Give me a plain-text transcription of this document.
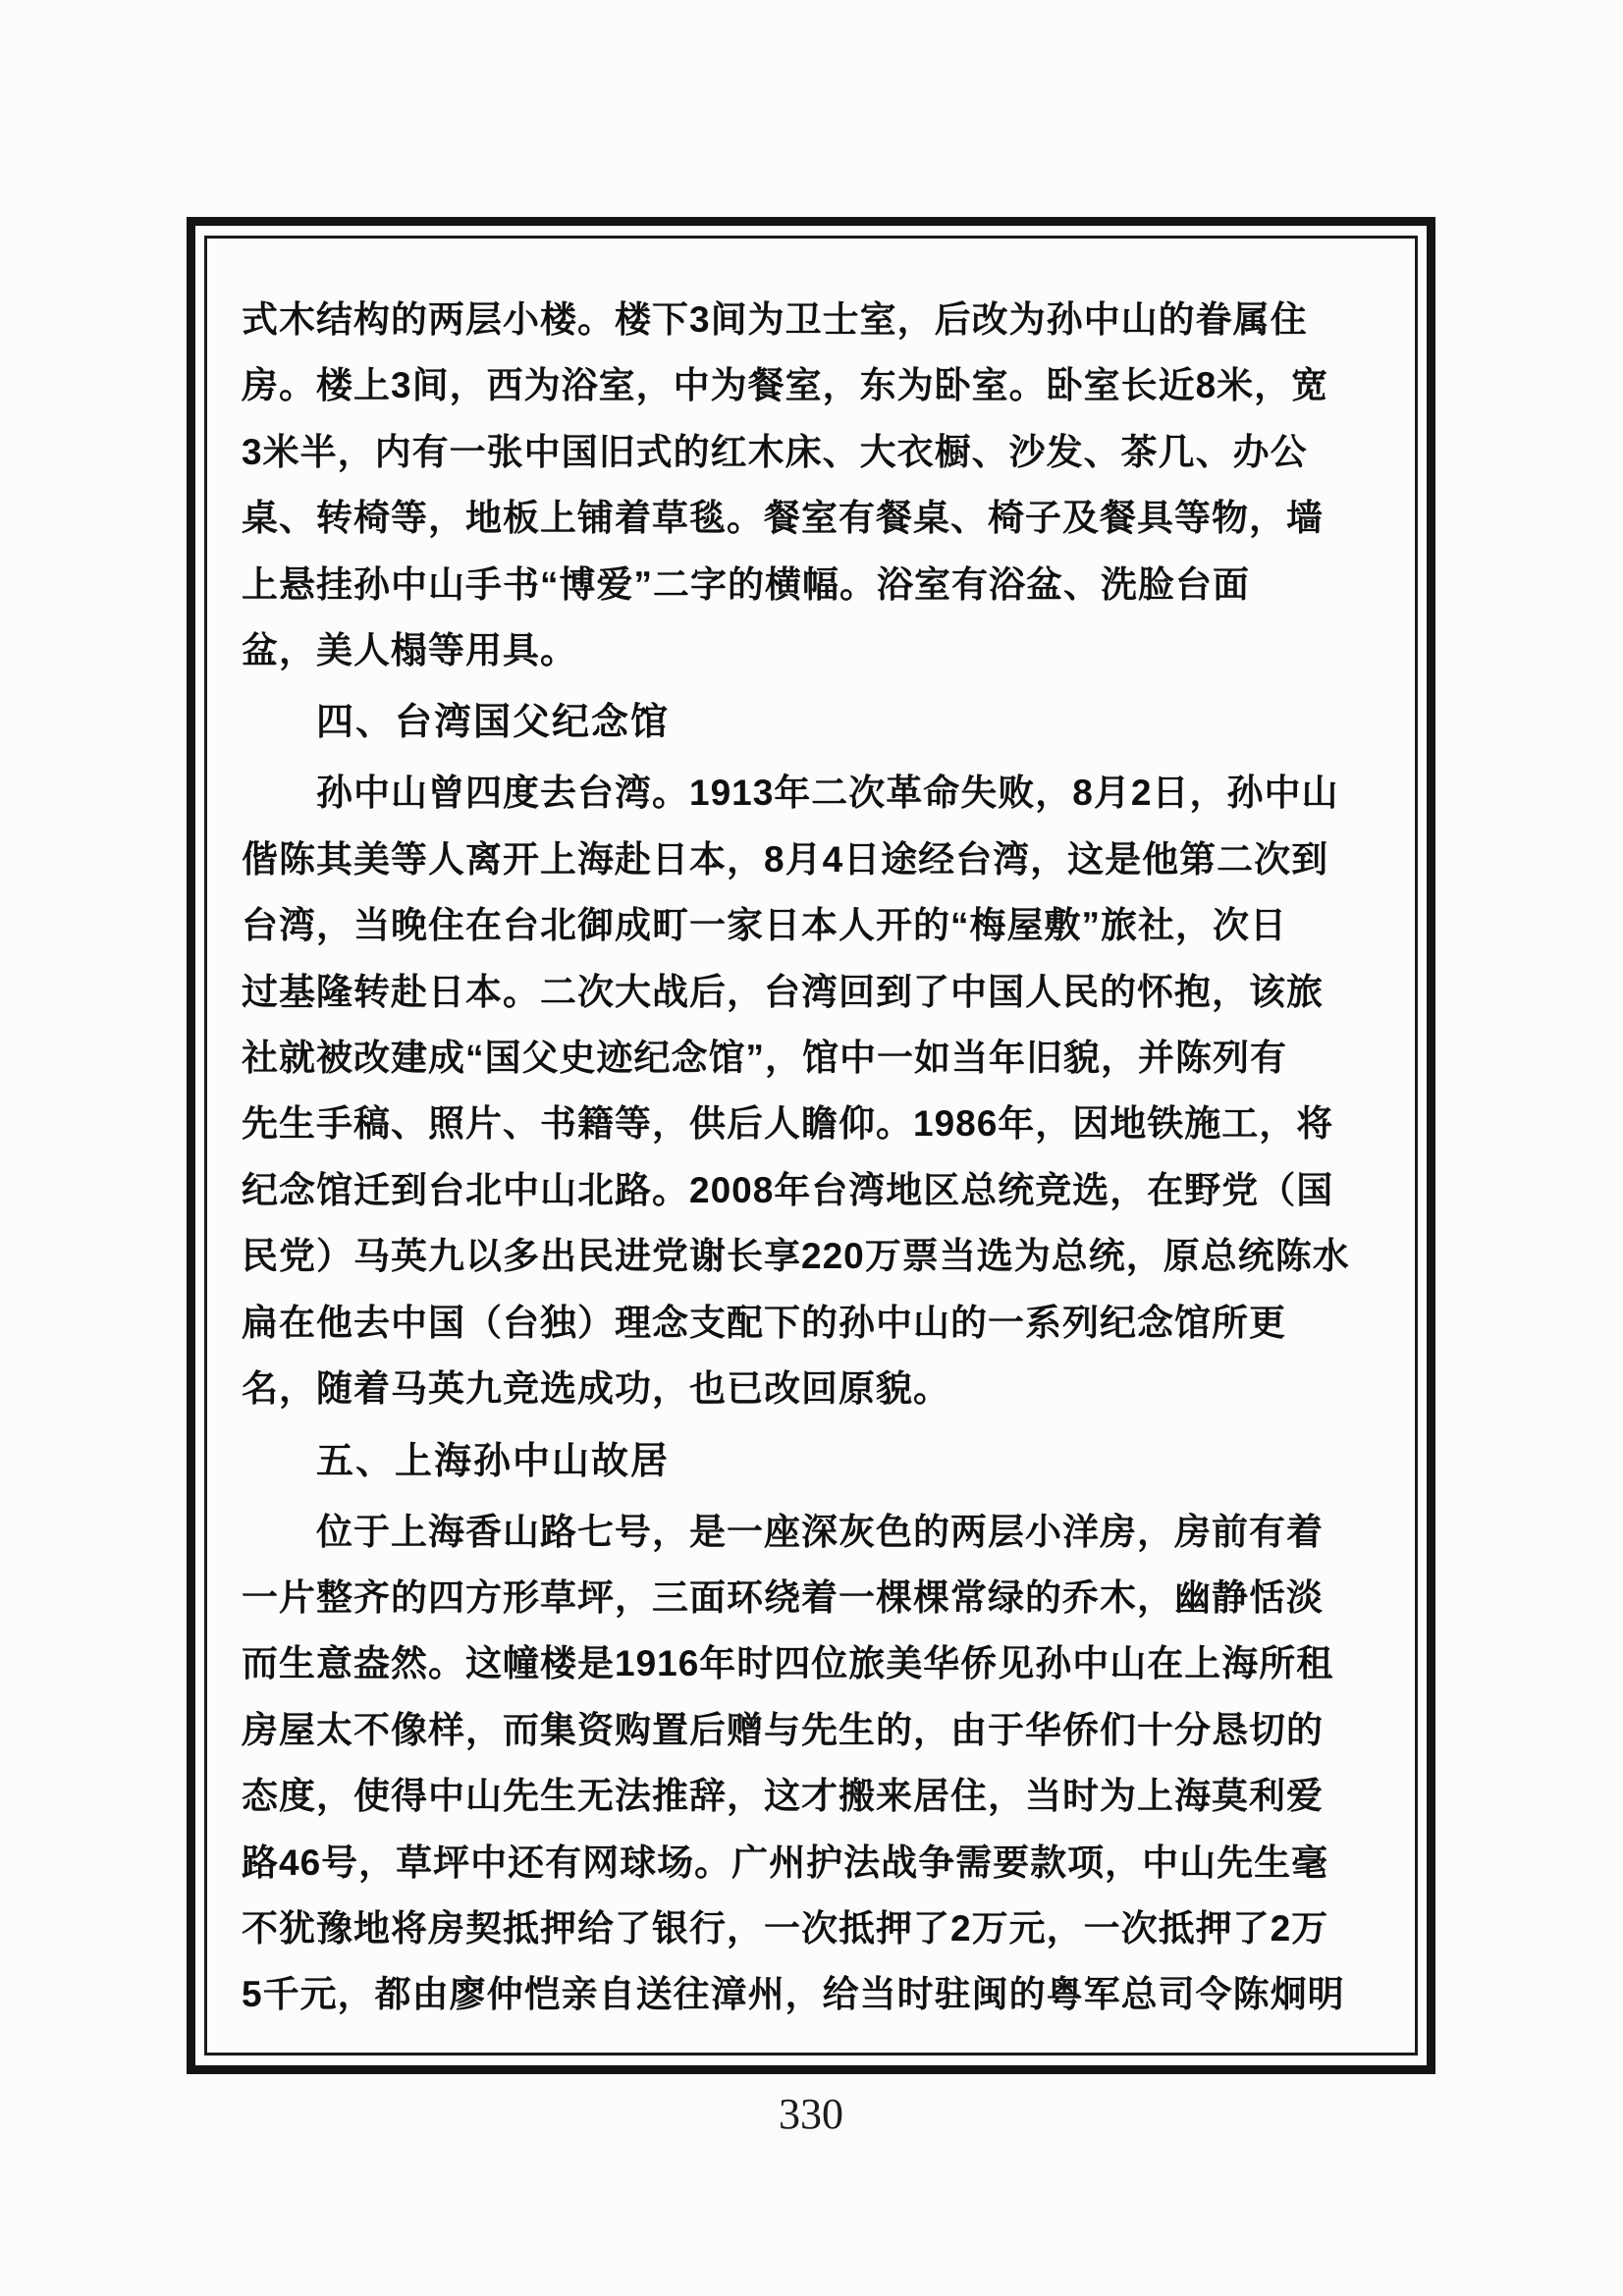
式木结构的两层小楼。楼下3间为卫士室，后改为孙中山的眷属住
房。楼上3间，西为浴室，中为餐室，东为卧室。卧室长近8米，宽
3米半，内有一张中国旧式的红木床、大衣橱、沙发、茶几、办公
桌、转椅等，地板上铺着草毯。餐室有餐桌、椅子及餐具等物，墙
上悬挂孙中山手书“博爱”二字的横幅。浴室有浴盆、洗脸台面
盆，美人榻等用具。
四、台湾国父纪念馆
孙中山曾四度去台湾。1913年二次革命失败，8月2日，孙中山
偕陈其美等人离开上海赴日本，8月4日途经台湾，这是他第二次到
台湾，当晚住在台北御成町一家日本人开的“梅屋敷”旅社，次日
过基隆转赴日本。二次大战后，台湾回到了中国人民的怀抱，该旅
社就被改建成“国父史迹纪念馆”，馆中一如当年旧貌，并陈列有
先生手稿、照片、书籍等，供后人瞻仰。1986年，因地铁施工，将
纪念馆迁到台北中山北路。2008年台湾地区总统竞选，在野党（国
民党）马英九以多出民进党谢长享220万票当选为总统，原总统陈水
扁在他去中国（台独）理念支配下的孙中山的一系列纪念馆所更
名，随着马英九竞选成功，也已改回原貌。
五、上海孙中山故居
位于上海香山路七号，是一座深灰色的两层小洋房，房前有着
一片整齐的四方形草坪，三面环绕着一棵棵常绿的乔木，幽静恬淡
而生意盎然。这幢楼是1916年时四位旅美华侨见孙中山在上海所租
房屋太不像样，而集资购置后赠与先生的，由于华侨们十分恳切的
态度，使得中山先生无法推辞，这才搬来居住，当时为上海莫利爱
路46号，草坪中还有网球场。广州护法战争需要款项，中山先生毫
不犹豫地将房契抵押给了银行，一次抵押了2万元，一次抵押了2万
5千元，都由廖仲恺亲自送往漳州，给当时驻闽的粤军总司令陈炯明
330
